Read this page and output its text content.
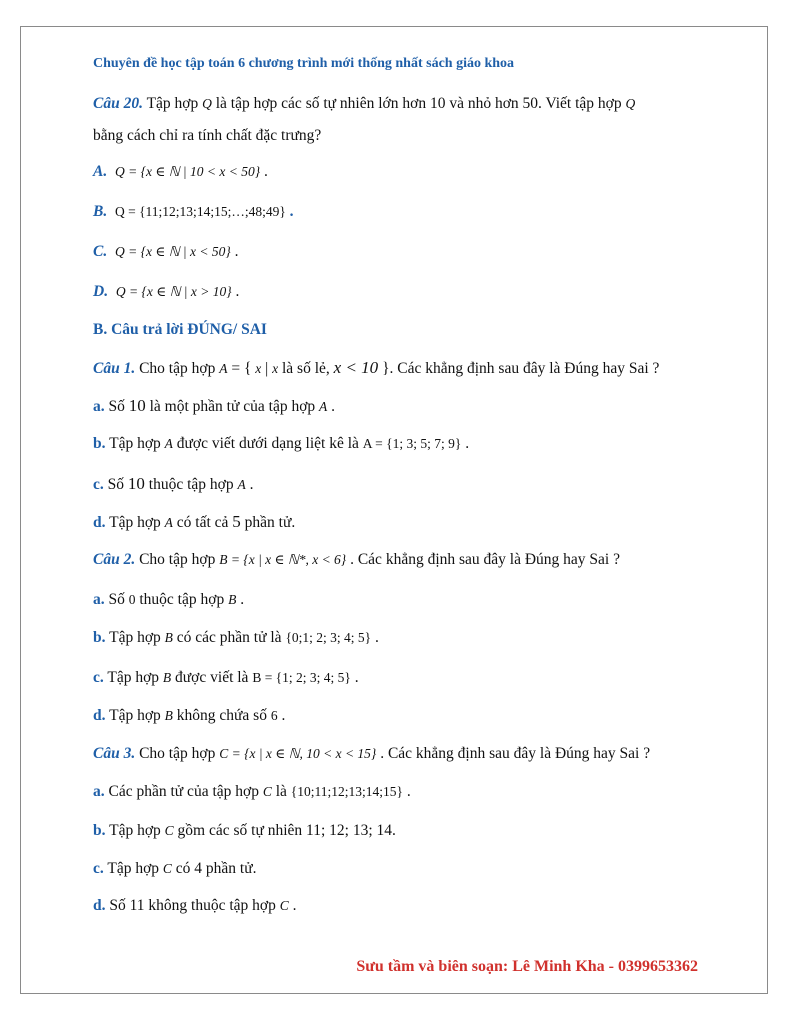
Chuyên đề học tập toán 6 chương trình mới thống nhất sách giáo khoa
Câu 20. Tập hợp Q là tập hợp các số tự nhiên lớn hơn 10 và nhỏ hơn 50. Viết tập hợp Q
bằng cách chỉ ra tính chất đặc trưng?
A. Q = {x ∈ ℕ | 10 < x < 50} .
B. Q = {11;12;13;14;15;…;48;49} .
C. Q = {x ∈ ℕ | x < 50} .
D. Q = {x ∈ ℕ | x > 10} .
B. Câu trả lời ĐÚNG/ SAI
Câu 1. Cho tập hợp A = { x | x là số lẻ, x < 10 }. Các khẳng định sau đây là Đúng hay Sai ?
a. Số 10 là một phần tử của tập hợp A .
b. Tập hợp A được viết dưới dạng liệt kê là A = {1; 3; 5; 7; 9} .
c. Số 10 thuộc tập hợp A .
d. Tập hợp A có tất cả 5 phần tử.
Câu 2. Cho tập hợp B = {x | x ∈ ℕ*, x < 6} . Các khẳng định sau đây là Đúng hay Sai ?
a. Số 0 thuộc tập hợp B .
b. Tập hợp B có các phần tử là {0;1; 2; 3; 4; 5} .
c. Tập hợp B được viết là B = {1; 2; 3; 4; 5} .
d. Tập hợp B không chứa số 6 .
Câu 3. Cho tập hợp C = {x | x ∈ ℕ, 10 < x < 15} . Các khẳng định sau đây là Đúng hay Sai ?
a. Các phần tử của tập hợp C là {10;11;12;13;14;15} .
b. Tập hợp C gồm các số tự nhiên 11; 12; 13; 14.
c. Tập hợp C có 4 phần tử.
d. Số 11 không thuộc tập hợp C .
Sưu tầm và biên soạn: Lê Minh Kha - 0399653362
